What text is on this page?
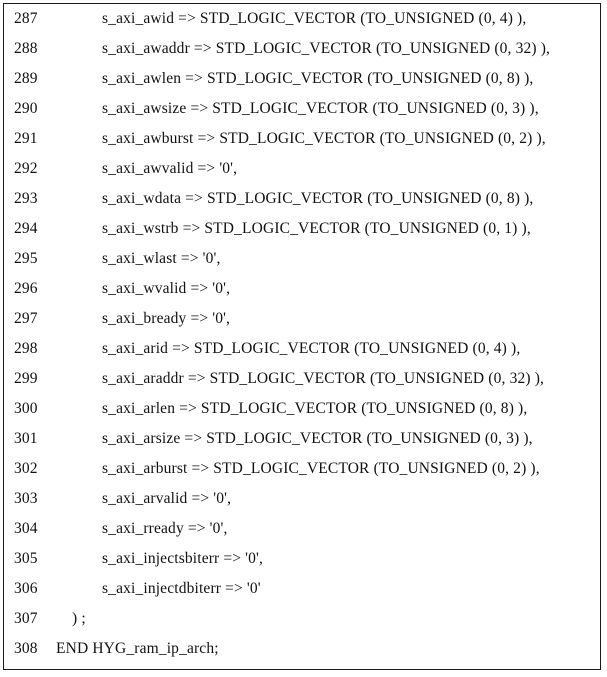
287	s_axi_awid => STD_LOGIC_VECTOR (TO_UNSIGNED (0, 4) ),
288	s_axi_awaddr => STD_LOGIC_VECTOR (TO_UNSIGNED (0, 32) ),
289	s_axi_awlen => STD_LOGIC_VECTOR (TO_UNSIGNED (0, 8) ),
290	s_axi_awsize => STD_LOGIC_VECTOR (TO_UNSIGNED (0, 3) ),
291	s_axi_awburst => STD_LOGIC_VECTOR (TO_UNSIGNED (0, 2) ),
292	s_axi_awvalid => '0',
293	s_axi_wdata => STD_LOGIC_VECTOR (TO_UNSIGNED (0, 8) ),
294	s_axi_wstrb => STD_LOGIC_VECTOR (TO_UNSIGNED (0, 1) ),
295	s_axi_wlast => '0',
296	s_axi_wvalid => '0',
297	s_axi_bready => '0',
298	s_axi_arid => STD_LOGIC_VECTOR (TO_UNSIGNED (0, 4) ),
299	s_axi_araddr => STD_LOGIC_VECTOR (TO_UNSIGNED (0, 32) ),
300	s_axi_arlen => STD_LOGIC_VECTOR (TO_UNSIGNED (0, 8) ),
301	s_axi_arsize => STD_LOGIC_VECTOR (TO_UNSIGNED (0, 3) ),
302	s_axi_arburst => STD_LOGIC_VECTOR (TO_UNSIGNED (0, 2) ),
303	s_axi_arvalid => '0',
304	s_axi_rready => '0',
305	s_axi_injectsbiterr => '0',
306	s_axi_injectdbiterr => '0'
307 ) ;
308 END HYG_ram_ip_arch;
